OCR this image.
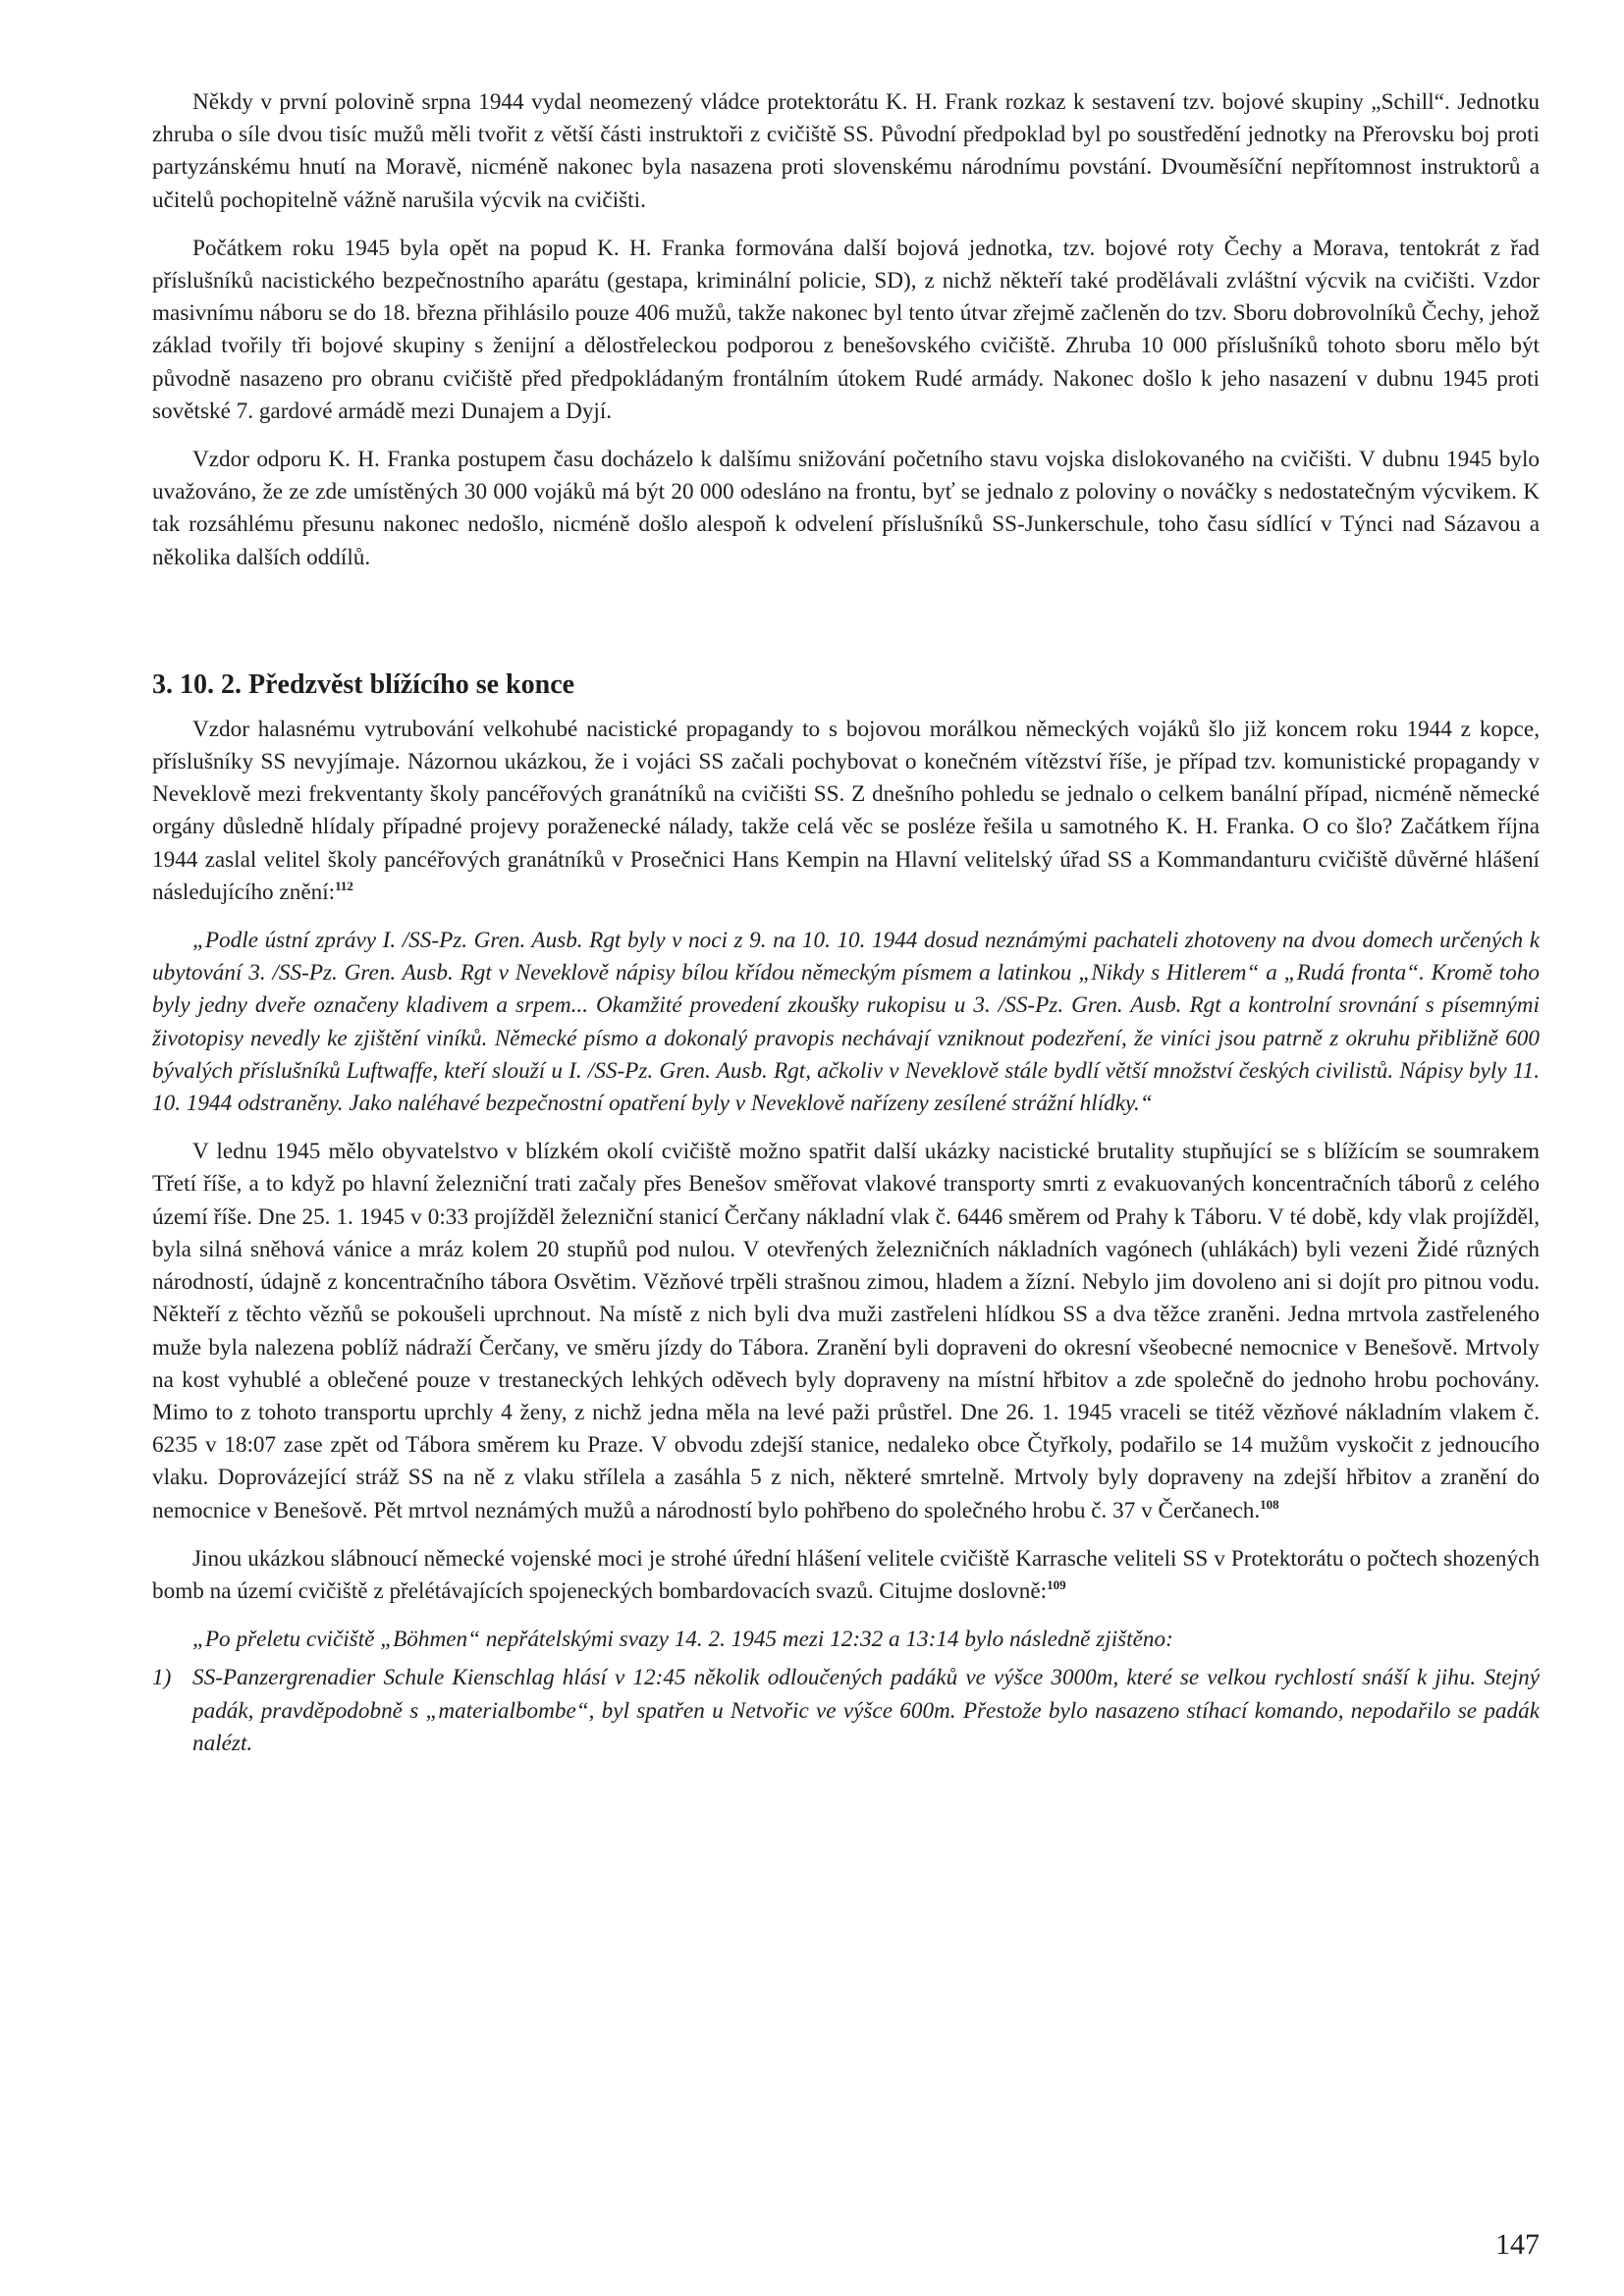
Někdy v první polovině srpna 1944 vydal neomezený vládce protektorátu K. H. Frank rozkaz k sestavení tzv. bojové skupiny „Schill“. Jednotku zhruba o síle dvou tisíc mužů měli tvořit z větší části instruktoři z cvičiště SS. Původní předpoklad byl po soustředění jednotky na Přerovsku boj proti partyzánskému hnutí na Moravě, nicméně nakonec byla nasazena proti slovenskému národnímu povstání. Dvouměsíční nepřítomnost instruktorů a učitelů pochopitelně vážně narušila výcvik na cvičišti.

Počátkem roku 1945 byla opět na popud K. H. Franka formována další bojová jednotka, tzv. bojové roty Čechy a Morava, tentokrát z řad příslušníků nacistického bezpečnostního aparátu (gestapa, kriminální policie, SD), z nichž někteří také prodělávali zvláštní výcvik na cvičišti. Vzdor masivnímu náboru se do 18. března přihlásilo pouze 406 mužů, takže nakonec byl tento útvar zřejmě začleněn do tzv. Sboru dobrovolníků Čechy, jehož základ tvořily tři bojové skupiny s ženijní a dělostřeleckou podporou z benešovského cvičiště. Zhruba 10 000 příslušníků tohoto sboru mělo být původně nasazeno pro obranu cvičiště před předpokládaným frontálním útokem Rudé armády. Nakonec došlo k jeho nasazení v dubnu 1945 proti sovětské 7. gardové armádě mezi Dunajem a Dyjí.

Vzdor odporu K. H. Franka postupem času docházelo k dalšímu snižování početního stavu vojska dislokovaného na cvičišti. V dubnu 1945 bylo uvažováno, že ze zde umístěných 30 000 vojáků má být 20 000 odesláno na frontu, byť se jednalo z poloviny o nováčky s nedostatečným výcvikem. K tak rozsáhlému přesunu nakonec nedošlo, nicméně došlo alespoň k odvelení příslušníků SS-Junkerschule, toho času sídlící v Týnci nad Sázavou a několika dalších oddílů.

3. 10. 2. Předzvěst blížícího se konce

Vzdor halasnému vytrubování velkohubé nacistické propagandy to s bojovou morálkou německých vojáků šlo již koncem roku 1944 z kopce, příslušníky SS nevyjímaje. Názornou ukázkou, že i vojáci SS začali pochybovat o konečném vítězství říše, je případ tzv. komunistické propagandy v Neveklově mezi frekventanty školy pancéřových granátníků na cvičišti SS. Z dnešního pohledu se jednalo o celkem banální případ, nicméně německé orgány důsledně hlídaly případné projevy poraženecké nálady, takže celá věc se posléze řešila u samotného K. H. Franka. O co šlo? Začátkem října 1944 zaslal velitel školy pancéřových granátníků v Prosečnici Hans Kempin na Hlavní velitelský úřad SS a Kommandanturu cvičiště důvěrné hlášení následujícího znění:$^{112}$

„Podle ústní zprávy I. /SS-Pz. Gren. Ausb. Rgt byly v noci z 9. na 10. 10. 1944 dosud neznámými pachateli zhotoveny na dvou domech určených k ubytování 3. /SS-Pz. Gren. Ausb. Rgt v Neveklově nápisy bílou křídou německým písmem a latinkou „Nikdy s Hitlerem“ a „Rudá fronta“. Kromě toho byly jedny dveře označeny kladivem a srpem... Okamžité provedení zkoušky rukopisu u 3. /SS-Pz. Gren. Ausb. Rgt a kontrolní srovnání s písemnými životopisy nevedly ke zjištění viníků. Německé písmo a dokonalý pravopis nechávají vzniknout podezření, že viníci jsou patrně z okruhu přibližně 600 bývalých příslušníků Luftwaffe, kteří slouží u I. /SS-Pz. Gren. Ausb. Rgt, ačkoliv v Neveklově stále bydlí větší množství českých civilistů. Nápisy byly 11. 10. 1944 odstraněny. Jako naléhavé bezpečnostní opatření byly v Neveklově nařízeny zesílené strážní hlídky.“

V lednu 1945 mělo obyvatelstvo v blízkém okolí cvičiště možno spatřit další ukázky nacistické brutality stupňující se s blížícím se soumrakem Třetí říše, a to když po hlavní železniční trati začaly přes Benešov směřovat vlakové transporty smrti z evakuovaných koncentračních táborů z celého území říše. Dne 25. 1. 1945 v 0:33 projížděl železniční stanicí Čerčany nákladní vlak č. 6446 směrem od Prahy k Táboru. V té době, kdy vlak projížděl, byla silná sněhová vánice a mráz kolem 20 stupňů pod nulou. V otevřených železničních nákladních vagónech (uhlákách) byli vezeni Židé různých národností, údajně z koncentračního tábora Osvětim. Vězňové trpěli strašnou zimou, hladem a žízní. Nebylo jim dovoleno ani si dojít pro pitnou vodu. Někteří z těchto vězňů se pokoušeli uprchnout. Na místě z nich byli dva muži zastřeleni hlídkou SS a dva těžce zraněni. Jedna mrtvola zastřeleného muže byla nalezena poblíž nádraží Čerčany, ve směru jízdy do Tábora. Zranění byli dopraveni do okresní všeobecné nemocnice v Benešově. Mrtvoly na kost vyhublé a oblečené pouze v trestaneckých lehkých oděvech byly dopraveny na místní hřbitov a zde společně do jednoho hrobu pochovány. Mimo to z tohoto transportu uprchly 4 ženy, z nichž jedna měla na levé paži průstřel. Dne 26. 1. 1945 vraceli se titéž vězňové nákladním vlakem č. 6235 v 18:07 zase zpět od Tábora směrem ku Praze. V obvodu zdejší stanice, nedaleko obce Čtyřkoly, podařilo se 14 mužům vyskočit z jednoucího vlaku. Doprovázející stráž SS na ně z vlaku střílela a zasáhla 5 z nich, některé smrtelně. Mrtvoly byly dopraveny na zdejší hřbitov a zranění do nemocnice v Benešově. Pět mrtvol neznámých mužů a národností bylo pohřbeno do společného hrobu č. 37 v Čerčanech.$^{108}$

Jinou ukázkou slábnoucí německé vojenské moci je strohé úřední hlášení velitele cvičiště Karrasche veliteli SS v Protektorátu o počtech shozených bomb na území cvičiště z přelétávajících spojeneckých bombardovacích svazů. Citujme doslovně:$^{109}$

„Po přeletu cvičiště „Böhmen“ nepřátelskými svazy 14. 2. 1945 mezi 12:32 a 13:14 bylo následně zjištěno:

1) SS-Panzergrenadier Schule Kienschlag hlásí v 12:45 několik odloučených padáků ve výšce 3000m, které se velkou rychlostí snáší k jihu. Stejný padák, pravděpodobně s „materialbombe“, byl spatřen u Netvořic ve výšce 600m. Přestože bylo nasazeno stíhací komando, nepodařilo se padák nalézt.
147
